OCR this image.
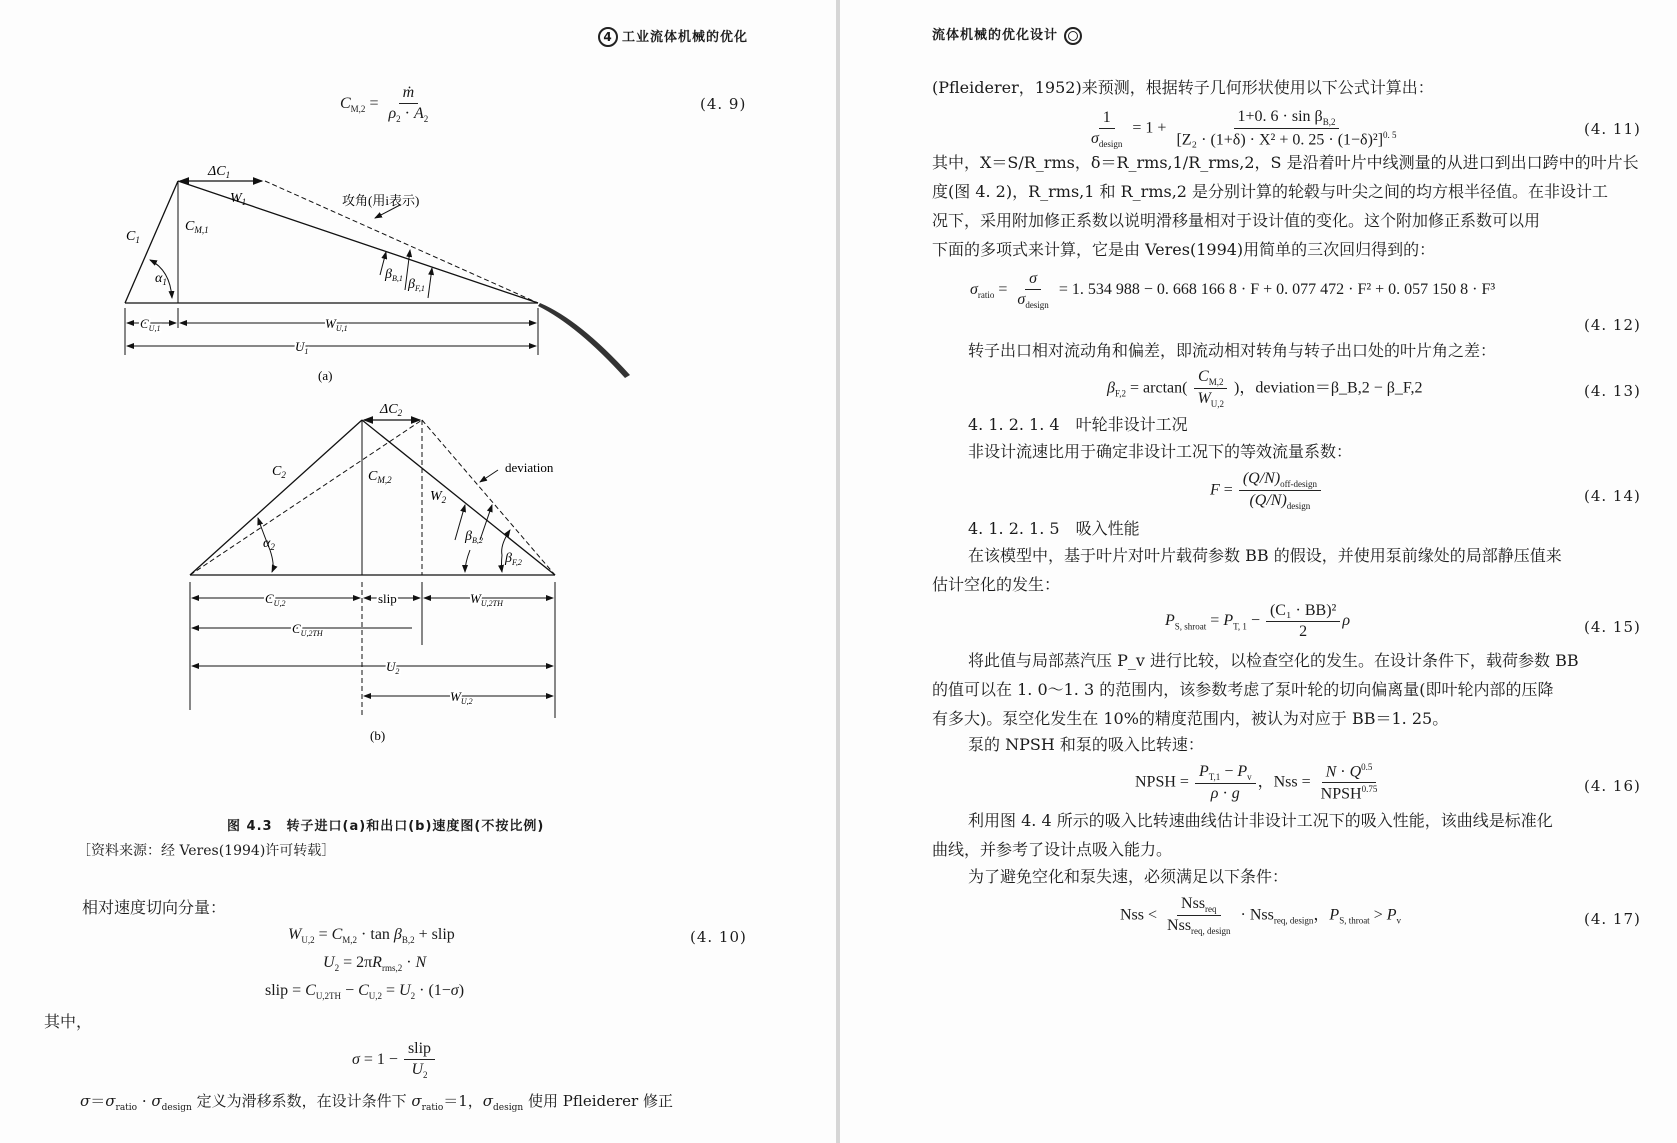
4 工业流体机械的优化
$C_{M,2} = \frac{\text{ṁ}}{\rho_2 \cdot A_2}$	(4. 9)
$\Delta C_1$
$W_1$
$C_1$
$C_{M,1}$
$\alpha_1$
攻角(用i表示)
$\beta_{B,1}$ $\beta_{F,1}$
$C_{U,1}$	$W_{U,1}$
$U_1$
(a)
$\Delta C_2$
$C_2$	$C_{M,2}$
$W_2$
deviation
$\alpha_2$
$\beta_{B,2}$
$\beta_{F,2}$
$C_{U,2}$	slip	$W_{U,2TH}$
$C_{U,2TH}$
$U_2$
$W_{U,2}$
(b)
图 4.3　转子进口(a)和出口(b)速度图(不按比例)
［资料来源：经 Veres(1994)许可转载］
相对速度切向分量：
$W_{U,2} = C_{M,2} \cdot \tan \beta_{B,2}$ + slip	(4. 10)
$U_2 = 2\pi R_{rms,2} \cdot N$
slip = $C_{U,2TH} - C_{U,2} = U_2 \cdot (1-\sigma)$
其中，
$\sigma = 1 - \frac{\text{slip}}{U_2}$
$\sigma=\sigma_{ratio} \cdot \sigma_{design}$ 定义为滑移系数，在设计条件下 $\sigma_{ratio}=1$，$\sigma_{design}$ 使用 Pfleiderer 修正
流体机械的优化设计
(Pfleiderer，1952)来预测，根据转子几何形状使用以下公式计算出：
$\frac{1}{\sigma_{design}} = 1 + \frac{1+0. 6 \cdot \sin \beta_{B,2}}{[Z_2 \cdot (1+\delta) \cdot X^2 + 0. 25 \cdot (1-\delta)^2]^{0. 5}}$	(4. 11)
其中，X＝S/R_rms，δ＝R_rms,1/R_rms,2，S 是沿着叶片中线测量的从进口到出口跨中的叶片长
度(图 4. 2)，R_rms,1 和 R_rms,2 是分别计算的轮毂与叶尖之间的均方根半径值。在非设计工
况下，采用附加修正系数以说明滑移量相对于设计值的变化。这个附加修正系数可以用
下面的多项式来计算，它是由 Veres(1994)用简单的三次回归得到的：
$\sigma_{ratio} = \frac{\sigma}{\sigma_{design}} = 1$. 534 988 − 0. 668 166 8 · F + 0. 077 472 · F² + 0. 057 150 8 · F³
(4. 12)
转子出口相对流动角和偏差，即流动相对转角与转子出口处的叶片角之差：
$\beta_{F,2} = \arctan( \frac{C_{M,2}}{W_{U,2}}$ )，deviation＝β_B,2 − β_F,2	(4. 13)
4. 1. 2. 1. 4　 叶轮非设计工况
非设计流速比用于确定非设计工况下的等效流量系数：
$F = \frac{(Q/N)_{off-design}}{(Q/N)_{design}}$	(4. 14)
4. 1. 2. 1. 5　 吸入性能
在该模型中，基于叶片对叶片载荷参数 BB 的假设，并使用泵前缘处的局部静压值来
估计空化的发生：
$P_{S, shroat} = P_{T, 1} - \frac{\text{(C₁ · BB)²}}{2}$ ρ	(4. 15)
将此值与局部蒸汽压 P_v 进行比较，以检查空化的发生。在设计条件下，载荷参数 BB
的值可以在 1. 0～1. 3 的范围内，该参数考虑了泵叶轮的切向偏离量(即叶轮内部的压降
有多大)。泵空化发生在 10%的精度范围内，被认为对应于 BB＝1. 25。
泵的 NPSH 和泵的吸入比转速：
NPSH = $\frac{P_{T,1} - P_v}{\rho \cdot g}$ ，Nss = $\frac{N \cdot Q^{0.5}}{NPSH^{0.75}}$	(4. 16)
利用图 4. 4 所示的吸入比转速曲线估计非设计工况下的吸入性能，该曲线是标准化
曲线，并参考了设计点吸入能力。
为了避免空化和泵失速，必须满足以下条件：
Nss < $\frac{Nss_{req}}{Nss_{req, design}} \cdot Nss_{req, design}$，$P_{S, throat} > P_v$	(4. 17)
